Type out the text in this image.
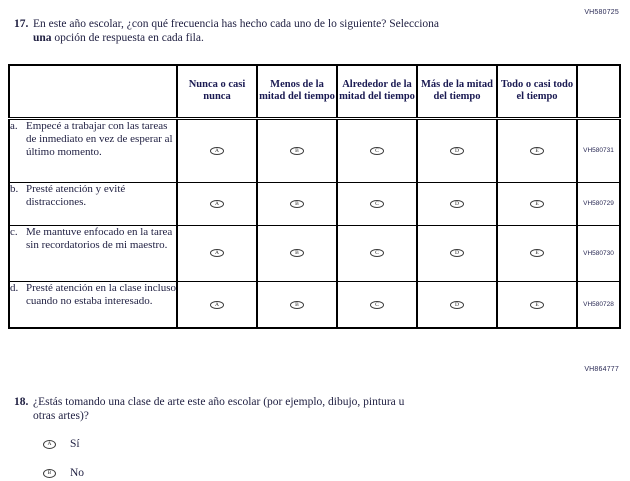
VH580725
17. En este año escolar, ¿con qué frecuencia has hecho cada uno de lo siguiente? Selecciona
una opción de respuesta en cada fila.
	Nunca o casi nunca	Menos de la mitad del tiempo	Alrededor de la mitad del tiempo	Más de la mitad del tiempo	Todo o casi todo el tiempo	

a. Empecé a trabajar con las tareas de inmediato en vez de esperar al último momento.	A	B	C	D	E	VH580731

b. Presté atención y evité distracciones.	A	B	C	D	E	VH580729

c. Me mantuve enfocado en la tarea sin recordatorios de mi maestro.	A	B	C	D	E	VH580730

d. Presté atención en la clase incluso cuando no estaba interesado.	A	B	C	D	E	VH580728
VH864777
18. ¿Estás tomando una clase de arte este año escolar (por ejemplo, dibujo, pintura u
otras artes)?
A	Sí
B	No
